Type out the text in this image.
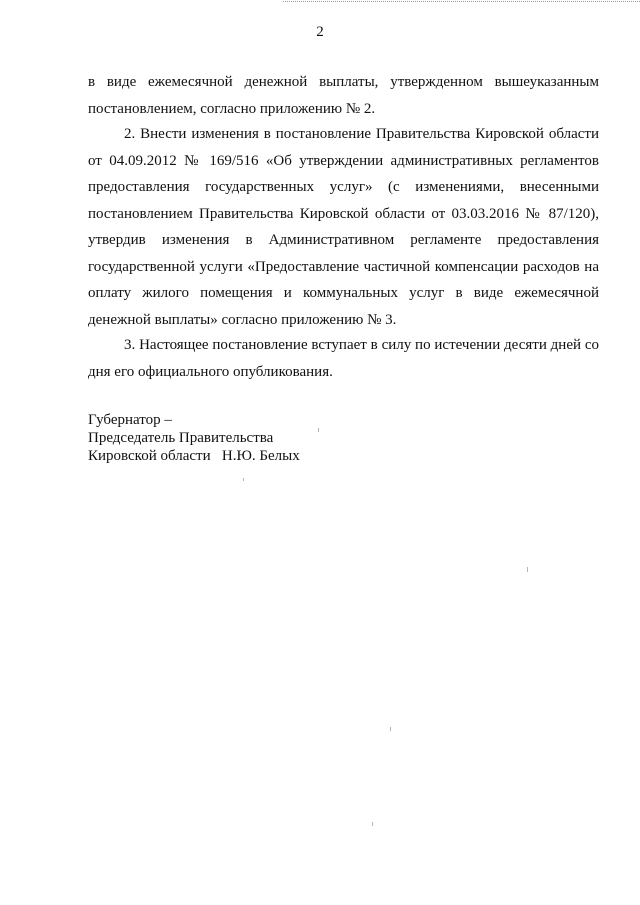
2

в виде ежемесячной денежной выплаты, утвержденном вышеуказанным постановлением, согласно приложению № 2.

2. Внести изменения в постановление Правительства Кировской области от 04.09.2012 № 169/516 «Об утверждении административных регламентов предоставления государственных услуг» (с изменениями, внесенными постановлением Правительства Кировской области от 03.03.2016 № 87/120), утвердив изменения в Административном регламенте предоставления государственной услуги «Предоставление частичной компенсации расходов на оплату жилого помещения и коммунальных услуг в виде ежемесячной денежной выплаты» согласно приложению № 3.

3. Настоящее постановление вступает в силу по истечении десяти дней со дня его официального опубликования.

Губернатор –
Председатель Правительства
Кировской области   Н.Ю. Белых
